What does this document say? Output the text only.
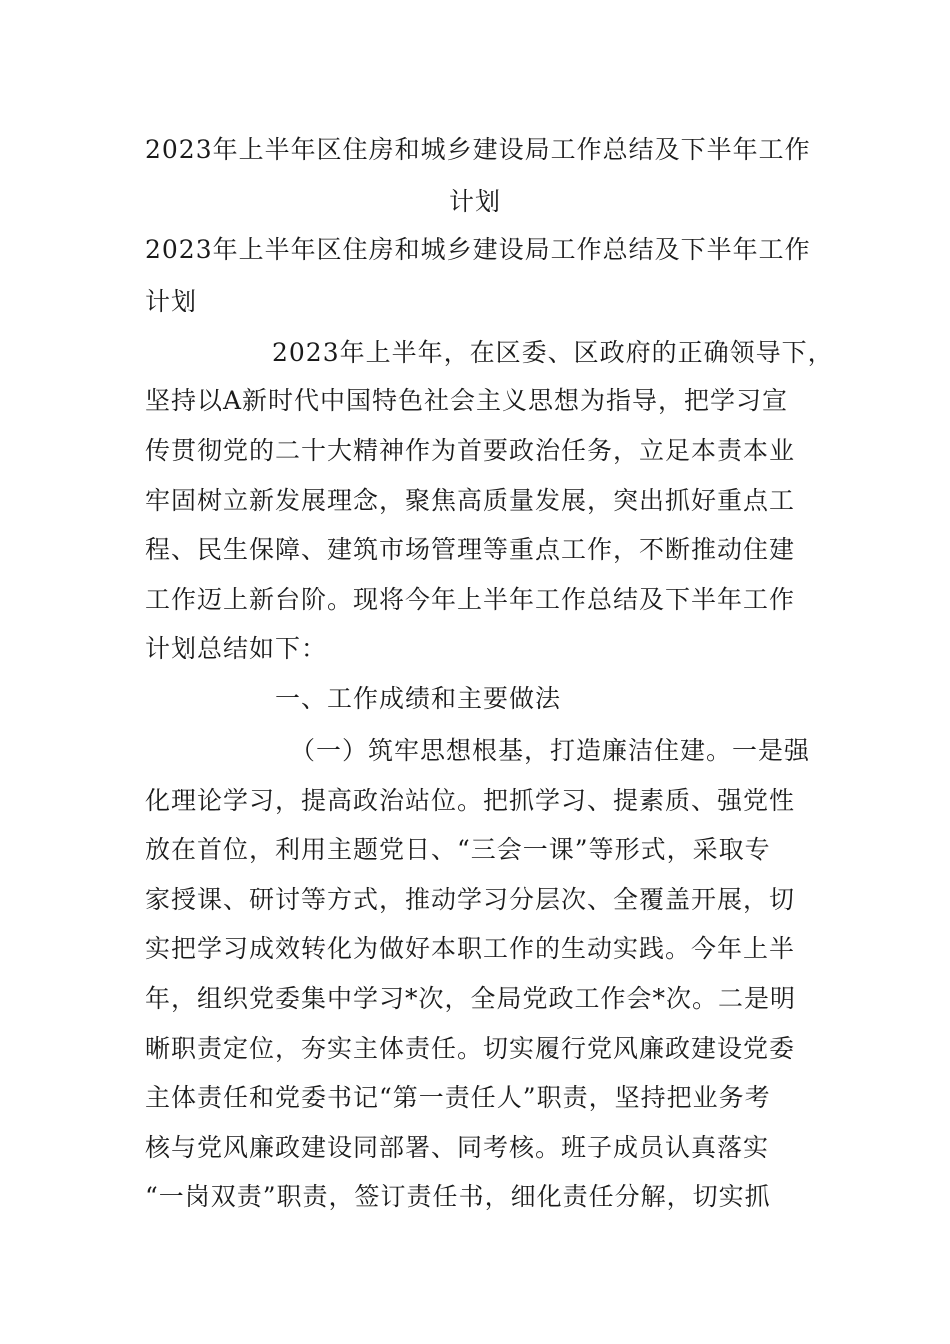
2023年上半年区住房和城乡建设局工作总结及下半年工作
计划
2023年上半年区住房和城乡建设局工作总结及下半年工作
计划
2023年上半年，在区委、区政府的正确领导下，
坚持以A新时代中国特色社会主义思想为指导，把学习宣
传贯彻党的二十大精神作为首要政治任务，立足本责本业
牢固树立新发展理念，聚焦高质量发展，突出抓好重点工
程、民生保障、建筑市场管理等重点工作，不断推动住建
工作迈上新台阶。现将今年上半年工作总结及下半年工作
计划总结如下：
一、工作成绩和主要做法
（一）筑牢思想根基，打造廉洁住建。一是强
化理论学习，提高政治站位。把抓学习、提素质、强党性
放在首位，利用主题党日、“三会一课”等形式，采取专
家授课、研讨等方式，推动学习分层次、全覆盖开展，切
实把学习成效转化为做好本职工作的生动实践。今年上半
年，组织党委集中学习*次，全局党政工作会*次。二是明
晰职责定位，夯实主体责任。切实履行党风廉政建设党委
主体责任和党委书记“第一责任人”职责，坚持把业务考
核与党风廉政建设同部署、同考核。班子成员认真落实
“一岗双责”职责，签订责任书，细化责任分解，切实抓
